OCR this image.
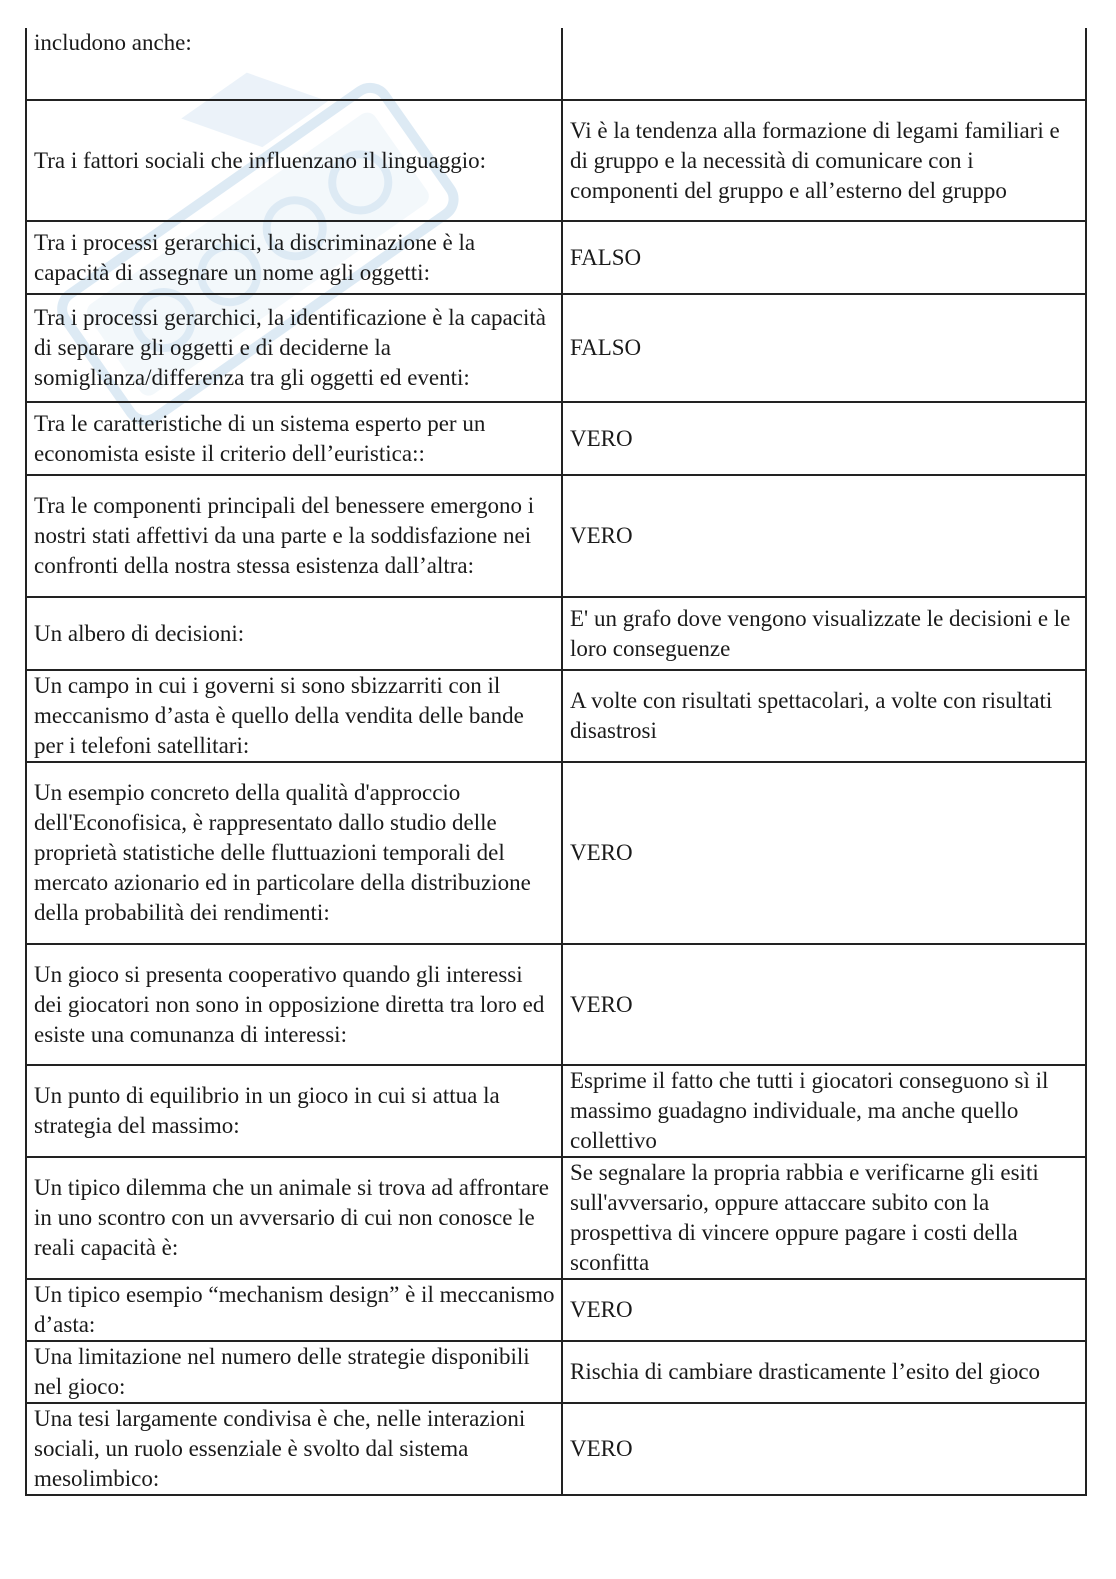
includono anche:	
Tra i fattori sociali che influenzano il linguaggio:	Vi è la tendenza alla formazione di legami familiari e di gruppo e la necessità di comunicare con i componenti del gruppo e all’esterno del gruppo
Tra i processi gerarchici, la discriminazione è la capacità di assegnare un nome agli oggetti:	FALSO
Tra i processi gerarchici, la identificazione è la capacità di separare gli oggetti e di deciderne la somiglianza/differenza tra gli oggetti ed eventi:	FALSO
Tra le caratteristiche di un sistema esperto per un economista esiste il criterio dell’euristica::	VERO
Tra le componenti principali del benessere emergono i nostri stati affettivi da una parte e la soddisfazione nei confronti della nostra stessa esistenza dall’altra:	VERO
Un albero di decisioni:	E' un grafo dove vengono visualizzate le decisioni e le loro conseguenze
Un campo in cui i governi si sono sbizzarriti con il meccanismo d’asta è quello della vendita delle bande per i telefoni satellitari:	A volte con risultati spettacolari, a volte con risultati disastrosi
Un esempio concreto della qualità d'approccio dell'Econofisica, è rappresentato dallo studio delle proprietà statistiche delle fluttuazioni temporali del mercato azionario ed in particolare della distribuzione della probabilità dei rendimenti:	VERO
Un gioco si presenta cooperativo quando gli interessi dei giocatori non sono in opposizione diretta tra loro ed esiste una comunanza di interessi:	VERO
Un punto di equilibrio in un gioco in cui si attua la strategia del massimo:	Esprime il fatto che tutti i giocatori conseguono sì il massimo guadagno individuale, ma anche quello collettivo
Un tipico dilemma che un animale si trova ad affrontare in uno scontro con un avversario di cui non conosce le reali capacità è:	Se segnalare la propria rabbia e verificarne gli esiti sull'avversario, oppure attaccare subito con la prospettiva di vincere oppure pagare i costi della sconfitta
Un tipico esempio “mechanism design” è il meccanismo d’asta:	VERO
Una limitazione nel numero delle strategie disponibili nel gioco:	Rischia di cambiare drasticamente l’esito del gioco
Una tesi largamente condivisa è che, nelle interazioni sociali, un ruolo essenziale è svolto dal sistema mesolimbico:	VERO
